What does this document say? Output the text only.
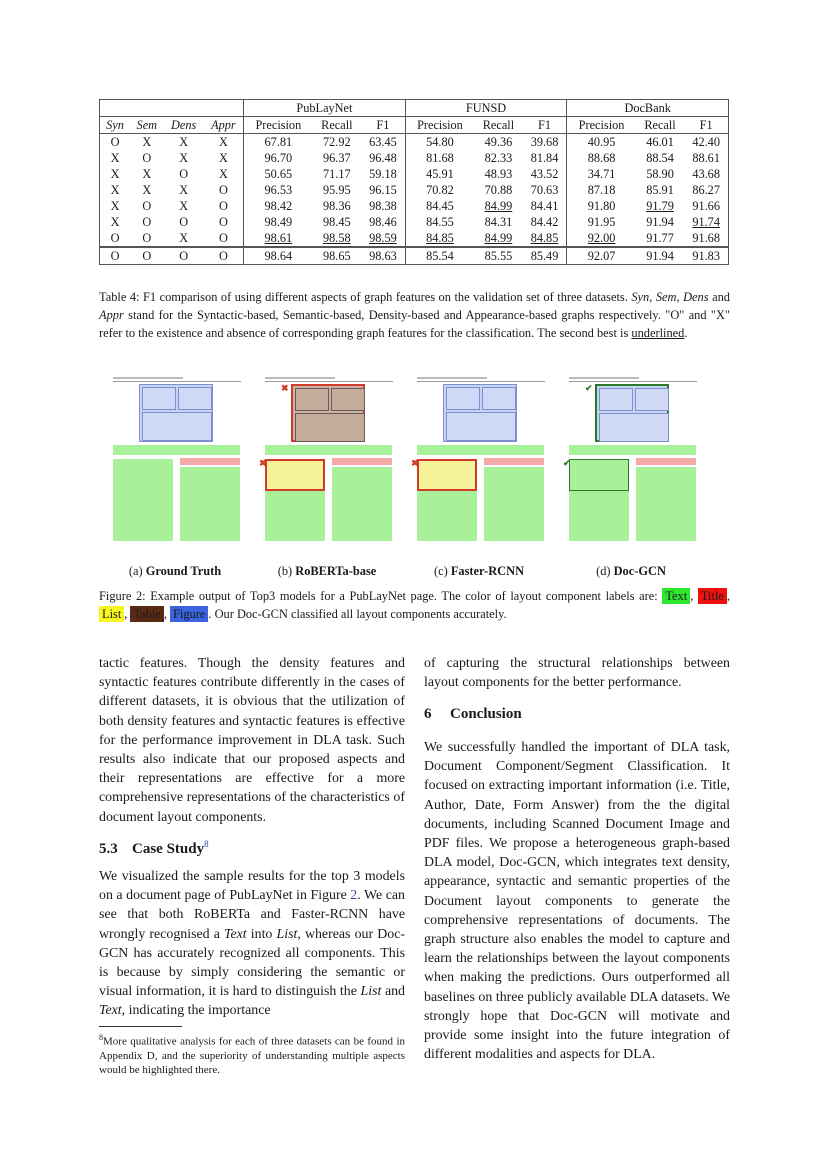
				PubLayNet			FUNSD			DocBank		
Syn	Sem	Dens	Appr	Precision	Recall	F1	Precision	Recall	F1	Precision	Recall	F1
O	X	X	X	67.81	72.92	63.45	54.80	49.36	39.68	40.95	46.01	42.40
X	O	X	X	96.70	96.37	96.48	81.68	82.33	81.84	88.68	88.54	88.61
X	X	O	X	50.65	71.17	59.18	45.91	48.93	43.52	34.71	58.90	43.68
X	X	X	O	96.53	95.95	96.15	70.82	70.88	70.63	87.18	85.91	86.27
X	O	X	O	98.42	98.36	98.38	84.45	84.99	84.41	91.80	91.79	91.66
X	O	O	O	98.49	98.45	98.46	84.55	84.31	84.42	91.95	91.94	91.74
O	O	X	O	98.61	98.58	98.59	84.85	84.99	84.85	92.00	91.77	91.68
O	O	O	O	98.64	98.65	98.63	85.54	85.55	85.49	92.07	91.94	91.83
Table 4: F1 comparison of using different aspects of graph features on the validation set of three datasets. Syn, Sem, Dens and Appr stand for the Syntactic-based, Semantic-based, Density-based and Appearance-based graphs respectively. "O" and "X" refer to the existence and absence of corresponding graph features for the classification. The second best is underlined.
(a) Ground Truth
✖
✖
(b) RoBERTa-base
✖
(c) Faster-RCNN
✔
✔
(d) Doc-GCN
Figure 2: Example output of Top3 models for a PubLayNet page. The color of layout component labels are: Text , Title , List , Table , Figure . Our Doc-GCN classified all layout components accurately.
tactic features. Though the density features and syntactic features contribute differently in the cases of different datasets, it is obvious that the utilization of both density features and syntactic features is effective for the performance improvement in DLA task. Such results also indicate that our proposed aspects and their representations are effective for a more comprehensive representations of the characteristics of document layout components.
5.3 Case Study$^8$
We visualized the sample results for the top 3 models on a document page of PubLayNet in Figure 2. We can see that both RoBERTa and Faster-RCNN have wrongly recognised a Text into List, whereas our Doc-GCN has accurately recognized all components. This is because by simply considering the semantic or visual information, it is hard to distinguish the List and Text, indicating the importance
$^8$More qualitative analysis for each of three datasets can be found in Appendix D, and the superiority of understanding multiple aspects would be highlighted there.
of capturing the structural relationships between layout components for the better performance.
6 Conclusion
We successfully handled the important of DLA task, Document Component/Segment Classification. It focused on extracting important information (i.e. Title, Author, Date, Form Answer) from the the digital documents, including Scanned Document Image and PDF files. We propose a heterogeneous graph-based DLA model, Doc-GCN, which integrates text density, appearance, syntactic and semantic properties of the Document layout components to generate the comprehensive representations of documents. The graph structure also enables the model to capture and learn the relationships between the layout components when making the predictions. Ours outperformed all baselines on three publicly available DLA datasets. We strongly hope that Doc-GCN will motivate and provide some insight into the future integration of different modalities and aspects for DLA.
